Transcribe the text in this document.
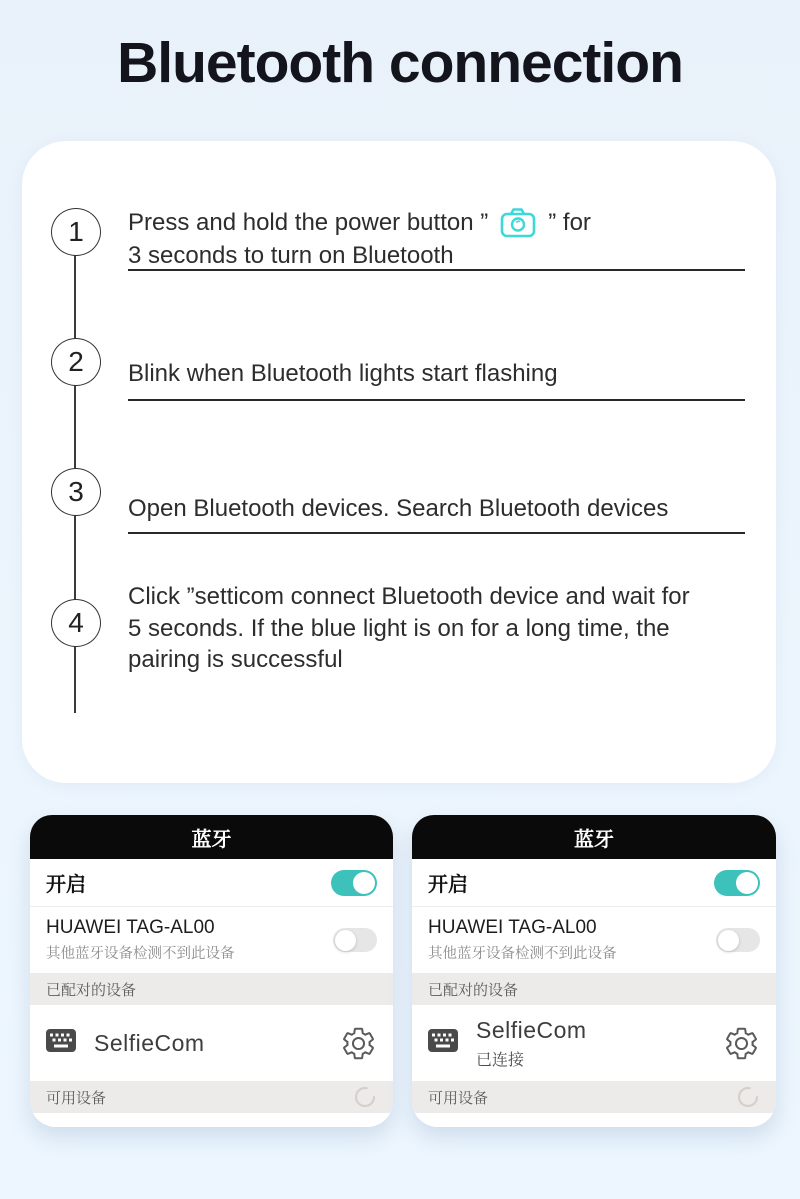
Bluetooth connection
1 Press and hold the power button ”	” for
3 seconds to turn on Bluetooth
2 Blink when Bluetooth lights start flashing
3
Open Bluetooth devices. Search Bluetooth devices
4
Click ”setticom connect Bluetooth device and wait for
5 seconds. If the blue light is on for a long time, the
pairing is successful
蓝牙
开启
HUAWEI TAG-AL00
其他蓝牙设备检测不到此设备
已配对的设备
SelfieCom
可用设备
蓝牙
开启
HUAWEI TAG-AL00
其他蓝牙设备检测不到此设备
已配对的设备
SelfieCom
已连接
可用设备
